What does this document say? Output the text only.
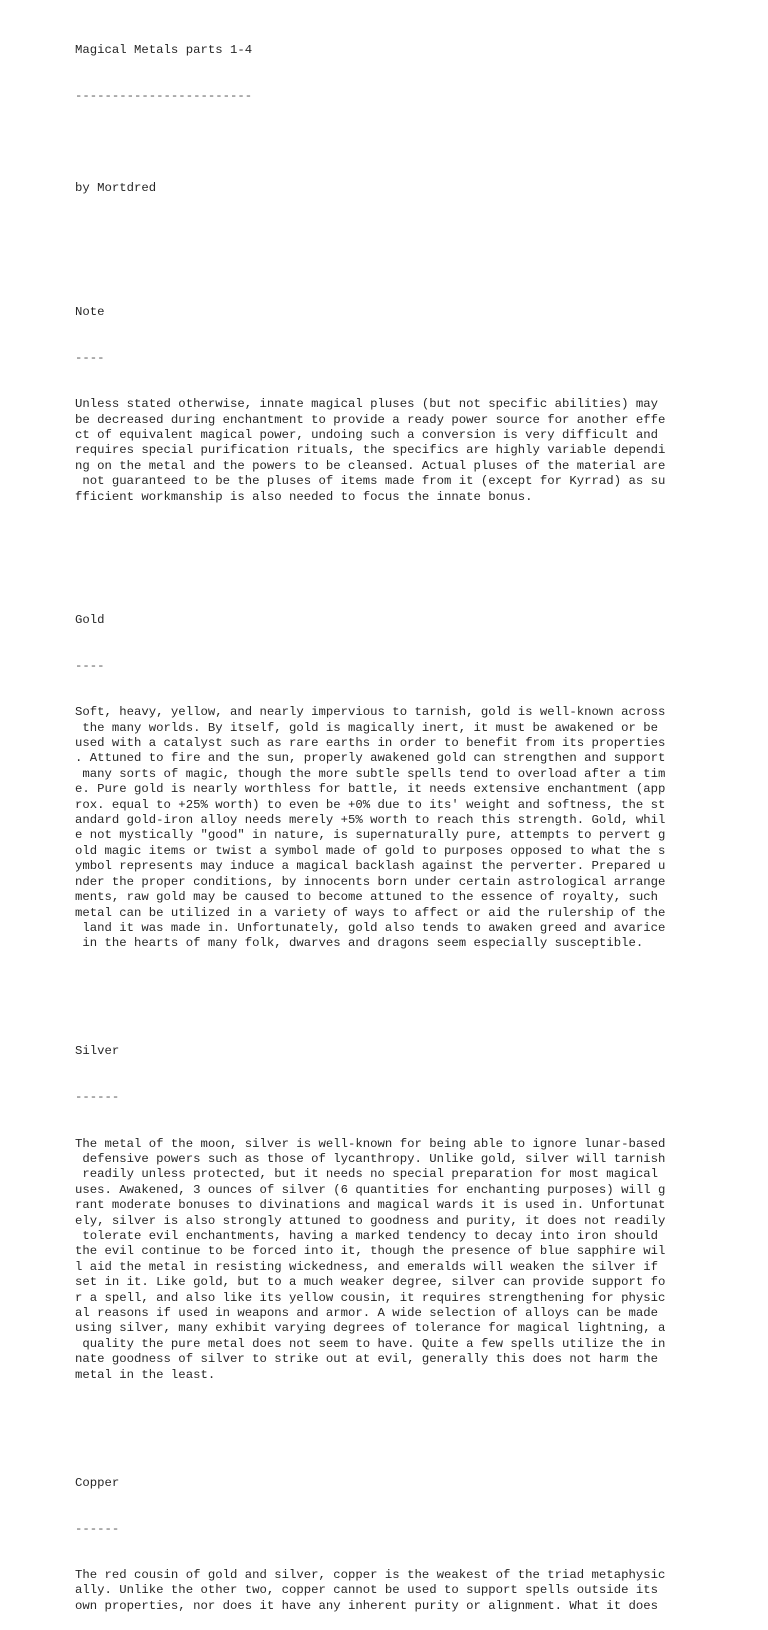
Magical Metals parts 1-4

------------------------

by Mortdred

Note

----

Unless stated otherwise, innate magical pluses (but not specific abilities) may
be decreased during enchantment to provide a ready power source for another effe
ct of equivalent magical power, undoing such a conversion is very difficult and
requires special purification rituals, the specifics are highly variable dependi
ng on the metal and the powers to be cleansed. Actual pluses of the material are
not guaranteed to be the pluses of items made from it (except for Kyrrad) as su
fficient workmanship is also needed to focus the innate bonus.

Gold

----

Soft, heavy, yellow, and nearly impervious to tarnish, gold is well-known across
the many worlds. By itself, gold is magically inert, it must be awakened or be
used with a catalyst such as rare earths in order to benefit from its properties
. Attuned to fire and the sun, properly awakened gold can strengthen and support
many sorts of magic, though the more subtle spells tend to overload after a tim
e. Pure gold is nearly worthless for battle, it needs extensive enchantment (app
rox. equal to +25% worth) to even be +0% due to its' weight and softness, the st
andard gold-iron alloy needs merely +5% worth to reach this strength. Gold, whil
e not mystically "good" in nature, is supernaturally pure, attempts to pervert g
old magic items or twist a symbol made of gold to purposes opposed to what the s
ymbol represents may induce a magical backlash against the perverter. Prepared u
nder the proper conditions, by innocents born under certain astrological arrange
ments, raw gold may be caused to become attuned to the essence of royalty, such
metal can be utilized in a variety of ways to affect or aid the rulership of the
land it was made in. Unfortunately, gold also tends to awaken greed and avarice
in the hearts of many folk, dwarves and dragons seem especially susceptible.

Silver

------

The metal of the moon, silver is well-known for being able to ignore lunar-based
defensive powers such as those of lycanthropy. Unlike gold, silver will tarnish
readily unless protected, but it needs no special preparation for most magical
uses. Awakened, 3 ounces of silver (6 quantities for enchanting purposes) will g
rant moderate bonuses to divinations and magical wards it is used in. Unfortunat
ely, silver is also strongly attuned to goodness and purity, it does not readily
tolerate evil enchantments, having a marked tendency to decay into iron should
the evil continue to be forced into it, though the presence of blue sapphire wil
l aid the metal in resisting wickedness, and emeralds will weaken the silver if
set in it. Like gold, but to a much weaker degree, silver can provide support fo
r a spell, and also like its yellow cousin, it requires strengthening for physic
al reasons if used in weapons and armor. A wide selection of alloys can be made
using silver, many exhibit varying degrees of tolerance for magical lightning, a
quality the pure metal does not seem to have. Quite a few spells utilize the in
nate goodness of silver to strike out at evil, generally this does not harm the
metal in the least.

Copper

------

The red cousin of gold and silver, copper is the weakest of the triad metaphysic
ally. Unlike the other two, copper cannot be used to support spells outside its
own properties, nor does it have any inherent purity or alignment. What it does
